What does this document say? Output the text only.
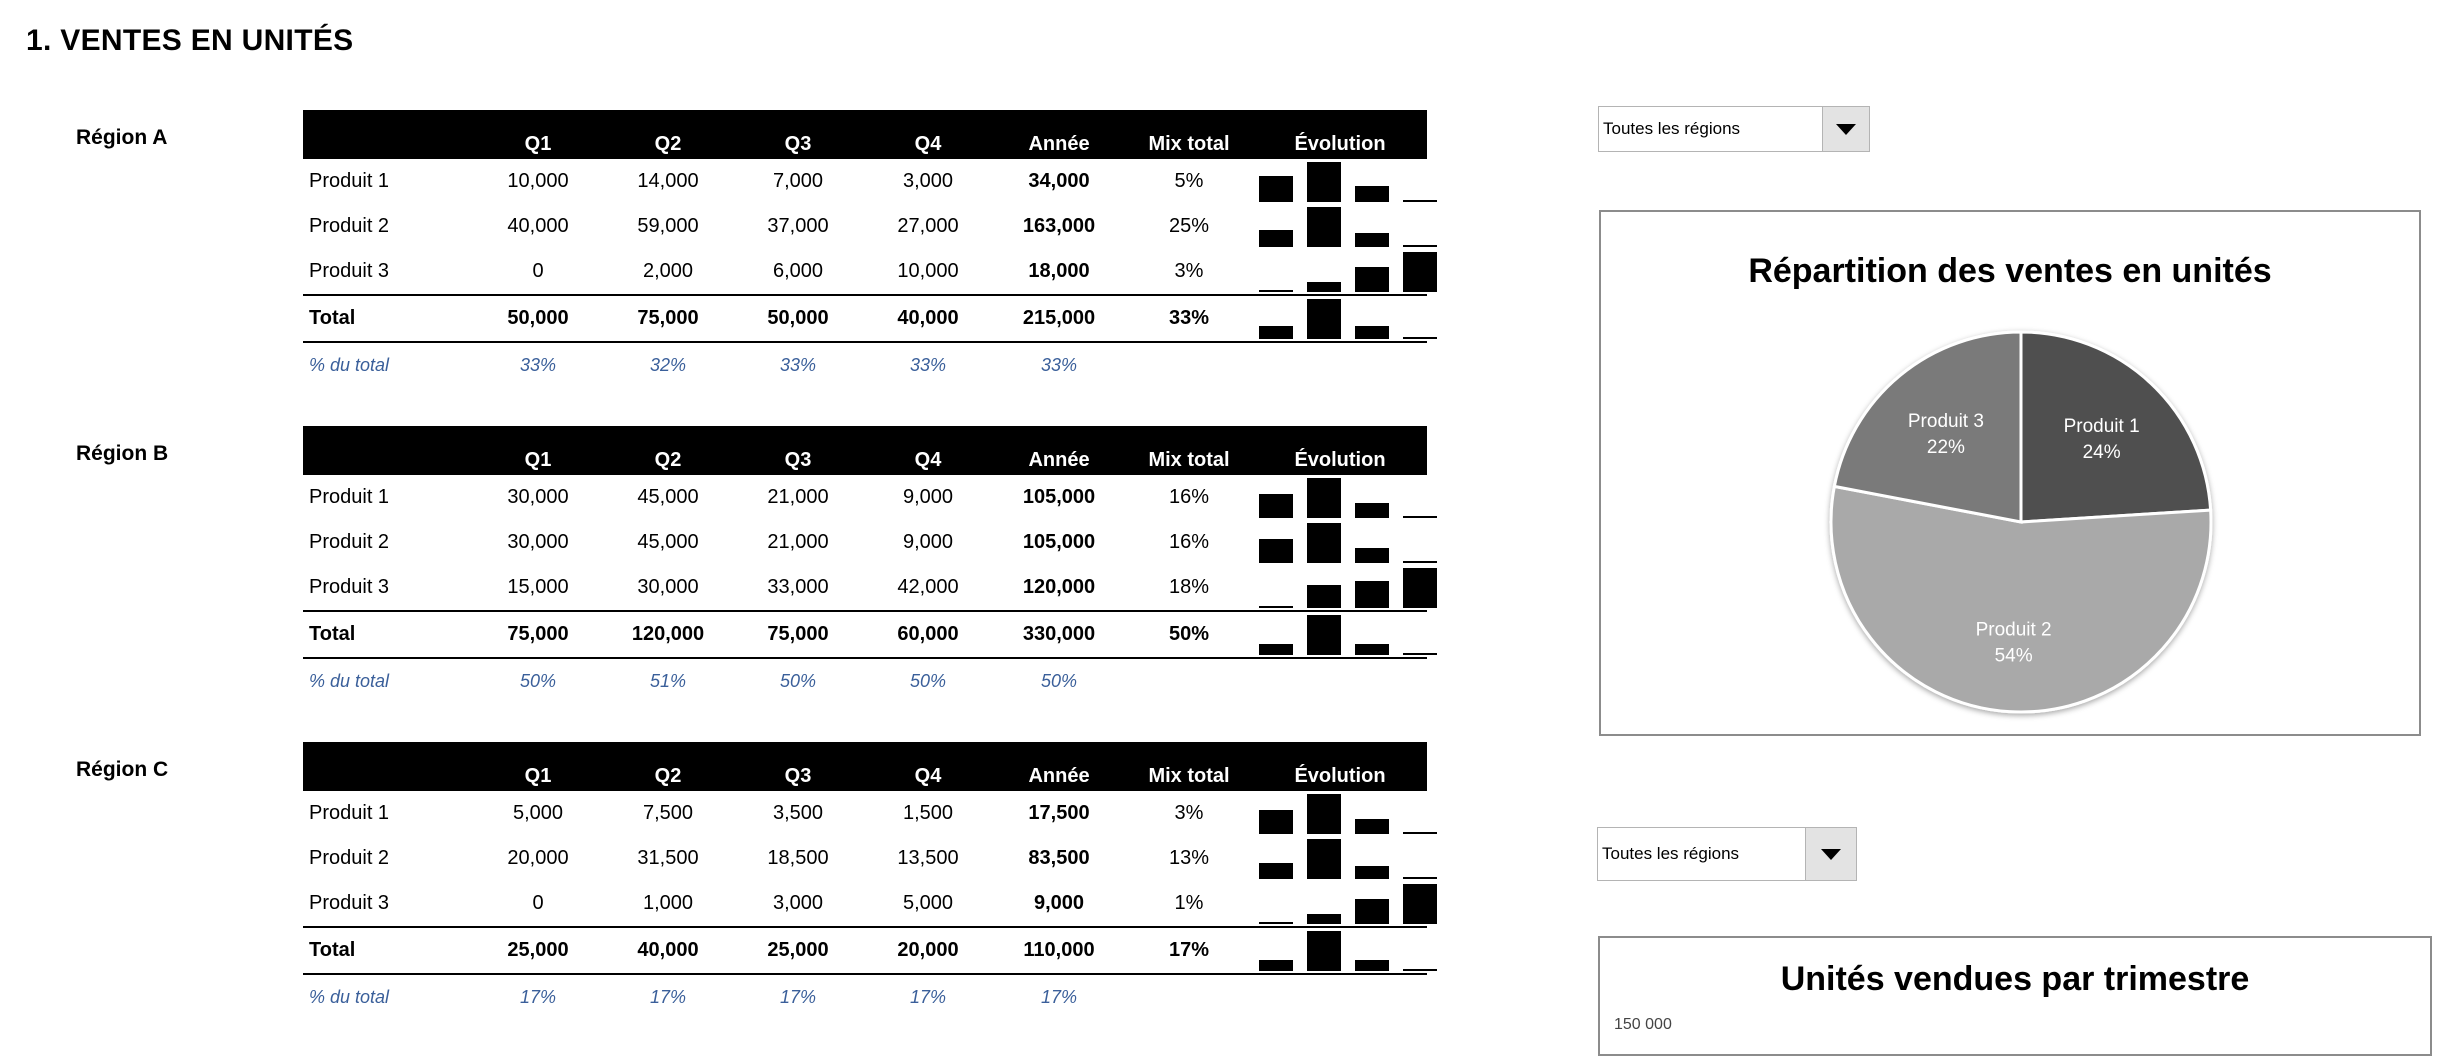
1. VENTES EN UNITÉS
Région A
		Q1	Q2	Q3	Q4	Année	Mix total	Évolution
Produit 1	10,000	14,000	7,000	3,000	34,000	5%	

Produit 2	40,000	59,000	37,000	27,000	163,000	25%	

Produit 3	0	2,000	6,000	10,000	18,000	3%	

Total	50,000	75,000	50,000	40,000	215,000	33%	

% du total	33%	32%	33%	33%	33%		
Région B
		Q1	Q2	Q3	Q4	Année	Mix total	Évolution
Produit 1	30,000	45,000	21,000	9,000	105,000	16%	

Produit 2	30,000	45,000	21,000	9,000	105,000	16%	

Produit 3	15,000	30,000	33,000	42,000	120,000	18%	

Total	75,000	120,000	75,000	60,000	330,000	50%	

% du total	50%	51%	50%	50%	50%		
Région C
		Q1	Q2	Q3	Q4	Année	Mix total	Évolution
Produit 1	5,000	7,500	3,500	1,500	17,500	3%	

Produit 2	20,000	31,500	18,500	13,500	83,500	13%	

Produit 3	0	1,000	3,000	5,000	9,000	1%	

Total	25,000	40,000	25,000	20,000	110,000	17%	

% du total	17%	17%	17%	17%	17%		
Toutes les régions
Répartition des ventes en unités
Produit 1
24%
Produit 2
54%
Produit 3
22%
Toutes les régions
Unités vendues par trimestre
150 000
